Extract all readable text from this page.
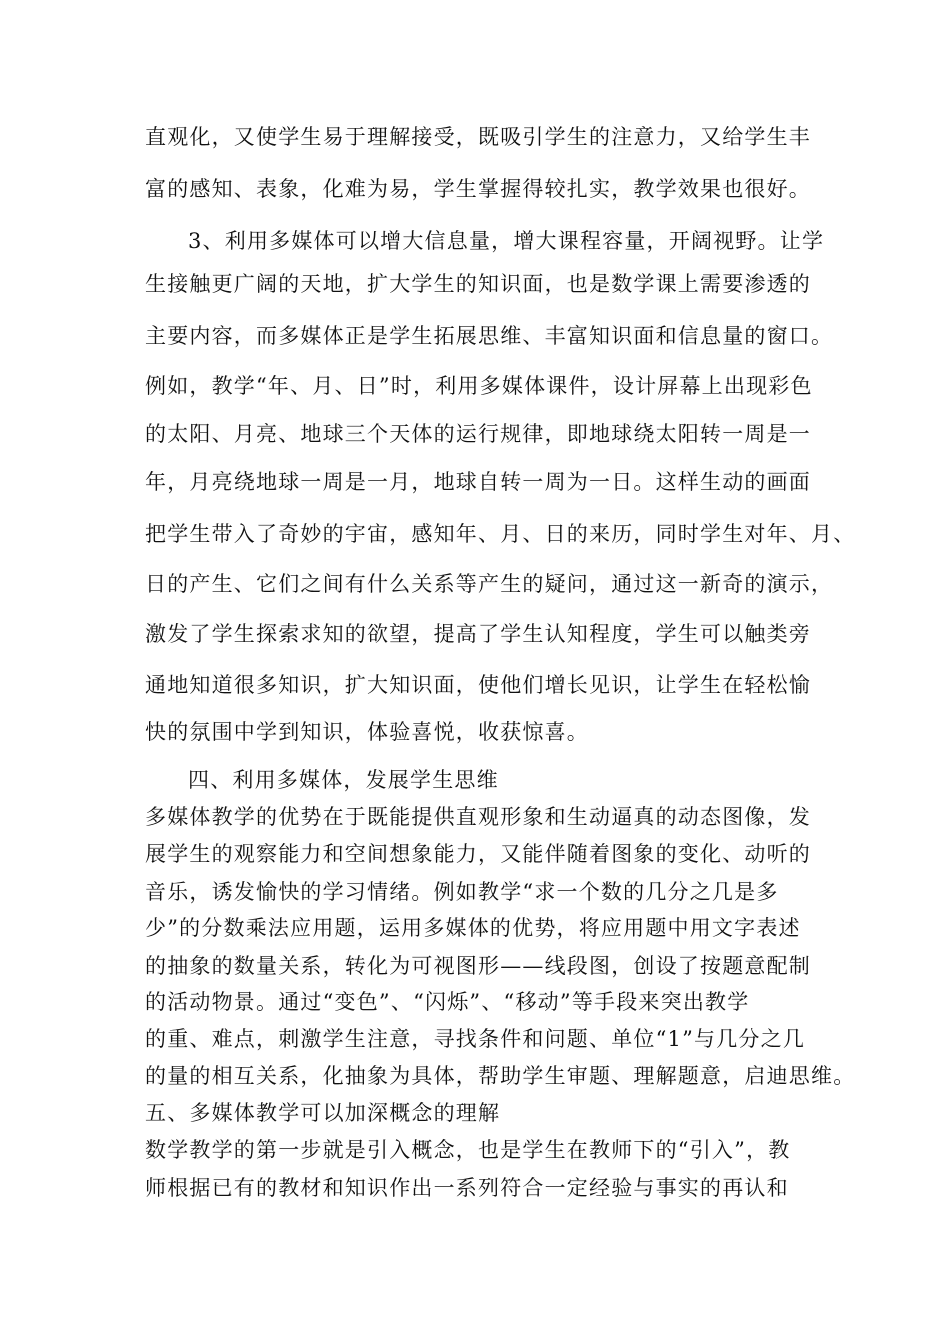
直观化，又使学生易于理解接受，既吸引学生的注意力，又给学生丰
富的感知、表象，化难为易，学生掌握得较扎实，教学效果也很好。
3、利用多媒体可以增大信息量，增大课程容量，开阔视野。让学
生接触更广阔的天地，扩大学生的知识面，也是数学课上需要渗透的
主要内容，而多媒体正是学生拓展思维、丰富知识面和信息量的窗口。
例如，教学“年、月、日”时，利用多媒体课件，设计屏幕上出现彩色
的太阳、月亮、地球三个天体的运行规律，即地球绕太阳转一周是一
年，月亮绕地球一周是一月，地球自转一周为一日。这样生动的画面
把学生带入了奇妙的宇宙，感知年、月、日的来历，同时学生对年、月、
日的产生、它们之间有什么关系等产生的疑问，通过这一新奇的演示，
激发了学生探索求知的欲望，提高了学生认知程度，学生可以触类旁
通地知道很多知识，扩大知识面，使他们增长见识，让学生在轻松愉
快的氛围中学到知识，体验喜悦，收获惊喜。
四、利用多媒体，发展学生思维
多媒体教学的优势在于既能提供直观形象和生动逼真的动态图像，发
展学生的观察能力和空间想象能力，又能伴随着图象的变化、动听的
音乐，诱发愉快的学习情绪。例如教学“求一个数的几分之几是多
少”的分数乘法应用题，运用多媒体的优势，将应用题中用文字表述
的抽象的数量关系，转化为可视图形——线段图，创设了按题意配制
的活动物景。通过“变色”、“闪烁”、“移动”等手段来突出教学
的重、难点，刺激学生注意，寻找条件和问题、单位“1”与几分之几
的量的相互关系，化抽象为具体，帮助学生审题、理解题意，启迪思维。
五、多媒体教学可以加深概念的理解
数学教学的第一步就是引入概念，也是学生在教师下的“引入”，教
师根据已有的教材和知识作出一系列符合一定经验与事实的再认和
